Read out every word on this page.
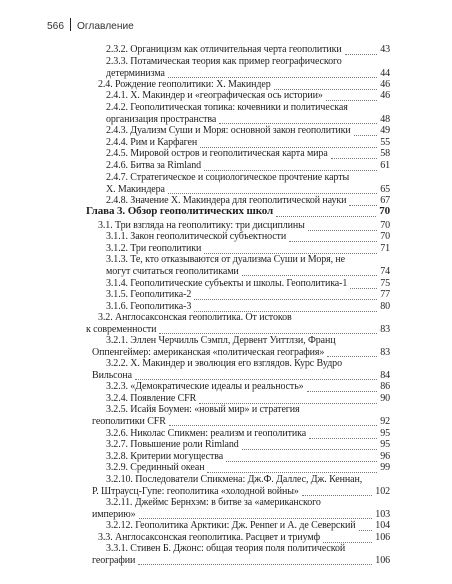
566 Оглавление
2.3.2. Органицизм как отличительная черта геополитики	43
2.3.3. Потамическая теория как пример географического
детерминизма	44
2.4. Рождение геополитики: Х. Макиндер	46
2.4.1. Х. Макиндер и «географическая ось истории»	46
2.4.2. Геополитическая топика: кочевники и политическая
организация пространства	48
2.4.3. Дуализм Суши и Моря: основной закон геополитики	49
2.4.4. Рим и Карфаген	55
2.4.5. Мировой остров и геополитическая карта мира	58
2.4.6. Битва за Rimland	61
2.4.7. Стратегическое и социологическое прочтение карты
Х. Макиндера	65
2.4.8. Значение Х. Макиндера для геополитической науки	67
Глава 3. Обзор геополитических школ	70
3.1. Три взгляда на геополитику: три дисциплины	70
3.1.1. Закон геополитической субъектности	70
3.1.2. Три геополитики	71
3.1.3. Те, кто отказываются от дуализма Суши и Моря, не
могут считаться геополитиками	74
3.1.4. Геополитические субъекты и школы. Геополитика-1	75
3.1.5. Геополитика-2	77
3.1.6. Геополитика-3	80
3.2. Англосаксонская геополитика. От истоков
к современности	83
3.2.1. Эллен Черчилль Сэмпл, Дервент Уиттлзи, Франц
Оппенгеймер: американская «политическая география»	83
3.2.2. Х. Макиндер и эволюция его взглядов. Курс Вудро
Вильсона	84
3.2.3. «Демократические идеалы и реальность»	86
3.2.4. Появление CFR	90
3.2.5. Исайя Боумен: «новый мир» и стратегия
геополитики CFR	92
3.2.6. Николас Спикмен: реализм и геополитика	95
3.2.7. Повышение роли Rimland	95
3.2.8. Критерии могущества	96
3.2.9. Срединный океан	99
3.2.10. Последователи Спикмена: Дж.Ф. Даллес, Дж. Кеннан,
Р. Штраусц-Гупе: геополитика «холодной войны»	102
3.2.11. Джеймс Бернхэм: в битве за «американского
империю»	103
3.2.12. Геополитика Арктики: Дж. Ренner и А. де Северский 104
3.3. Англосаксонская геополитика. Расцвет и триумф	106
3.3.1. Стивен Б. Джонс: общая теория поля политической
географии	106
